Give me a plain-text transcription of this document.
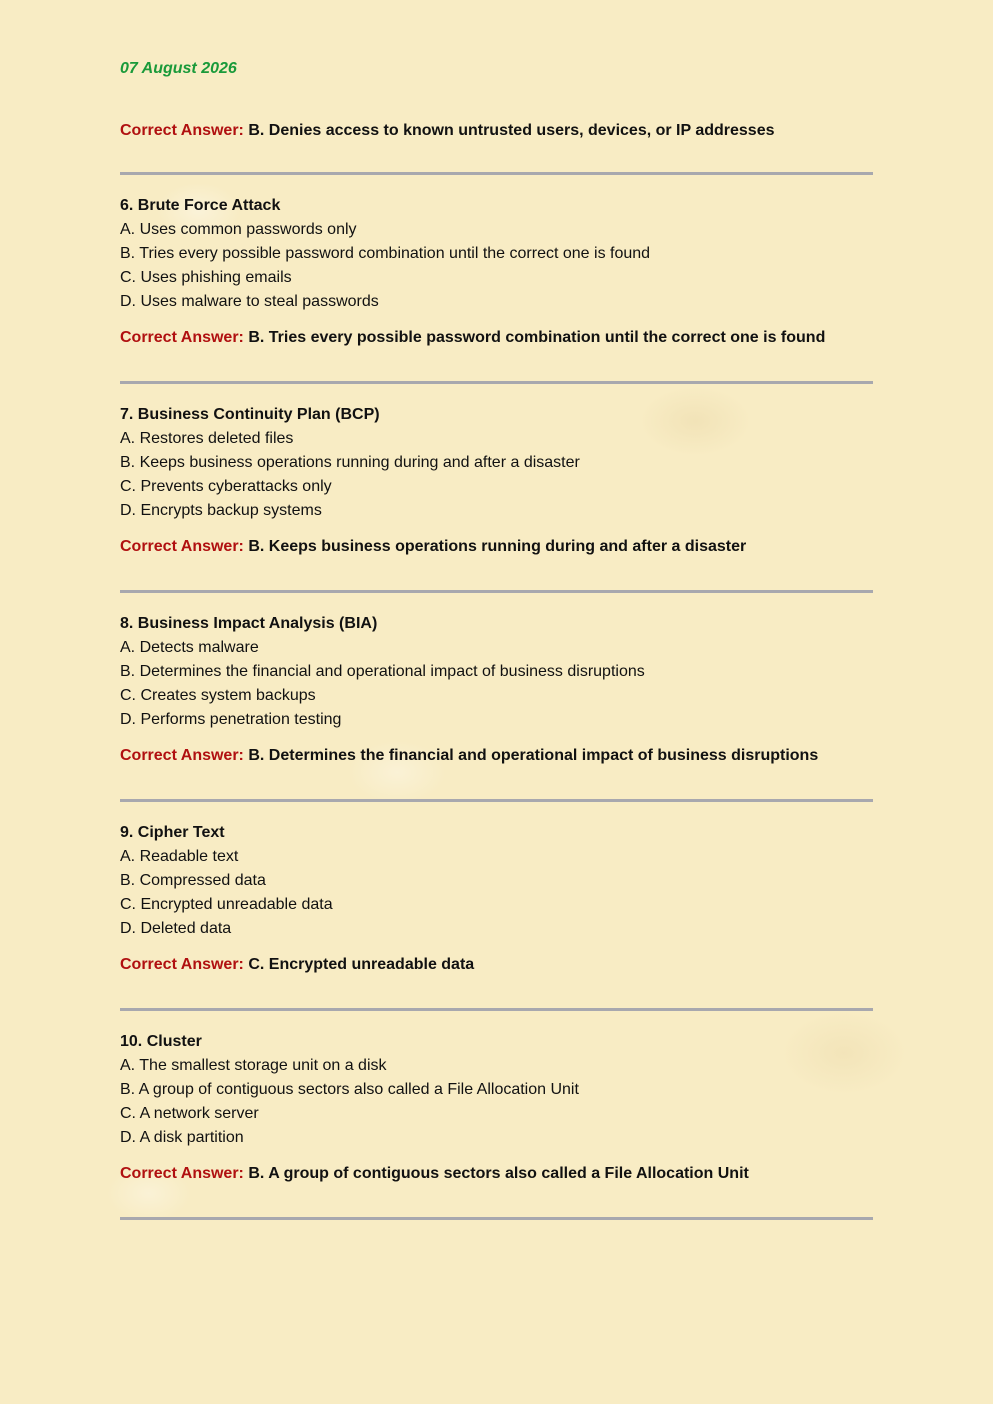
07 August 2026
Correct Answer: B. Denies access to known untrusted users, devices, or IP addresses
6. Brute Force Attack
A. Uses common passwords only
B. Tries every possible password combination until the correct one is found
C. Uses phishing emails
D. Uses malware to steal passwords
Correct Answer: B. Tries every possible password combination until the correct one is found
7. Business Continuity Plan (BCP)
A. Restores deleted files
B. Keeps business operations running during and after a disaster
C. Prevents cyberattacks only
D. Encrypts backup systems
Correct Answer: B. Keeps business operations running during and after a disaster
8. Business Impact Analysis (BIA)
A. Detects malware
B. Determines the financial and operational impact of business disruptions
C. Creates system backups
D. Performs penetration testing
Correct Answer: B. Determines the financial and operational impact of business disruptions
9. Cipher Text
A. Readable text
B. Compressed data
C. Encrypted unreadable data
D. Deleted data
Correct Answer: C. Encrypted unreadable data
10. Cluster
A. The smallest storage unit on a disk
B. A group of contiguous sectors also called a File Allocation Unit
C. A network server
D. A disk partition
Correct Answer: B. A group of contiguous sectors also called a File Allocation Unit
